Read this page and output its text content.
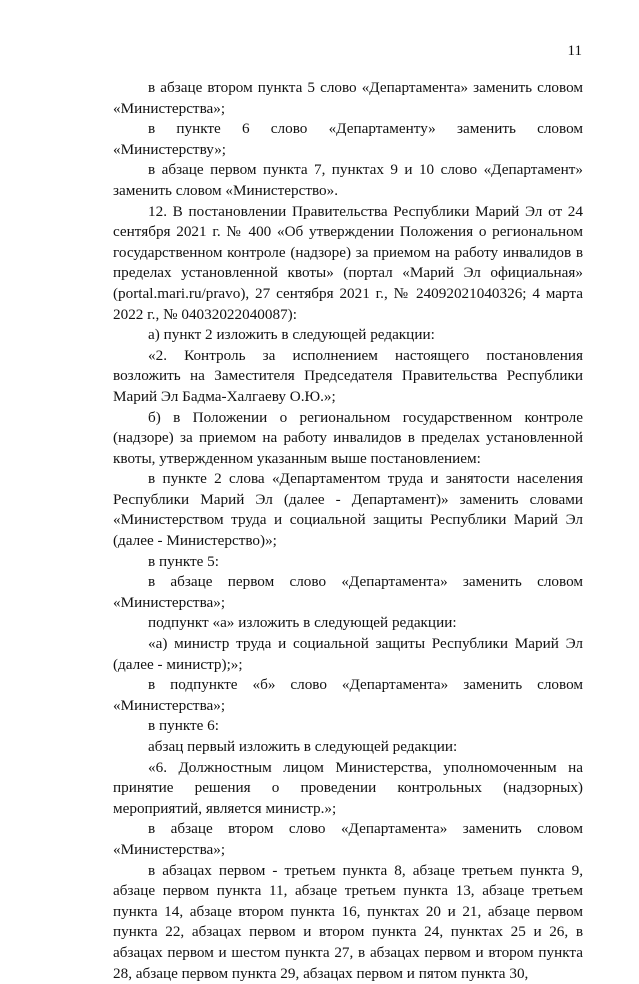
11

в абзаце втором пункта 5 слово «Департамента» заменить словом «Министерства»;

в пункте 6 слово «Департаменту» заменить словом «Министерству»;

в абзаце первом пункта 7, пунктах 9 и 10 слово «Департамент» заменить словом «Министерство».

12. В постановлении Правительства Республики Марий Эл от 24 сентября 2021 г. № 400 «Об утверждении Положения о региональном государственном контроле (надзоре) за приемом на работу инвалидов в пределах установленной квоты» (портал «Марий Эл официальная» (portal.mari.ru/pravo), 27 сентября 2021 г., № 24092021040326; 4 марта 2022 г., № 04032022040087):

а) пункт 2 изложить в следующей редакции:

«2. Контроль за исполнением настоящего постановления возложить на Заместителя Председателя Правительства Республики Марий Эл Бадма-Халгаеву О.Ю.»;

б) в Положении о региональном государственном контроле (надзоре) за приемом на работу инвалидов в пределах установленной квоты, утвержденном указанным выше постановлением:

в пункте 2 слова «Департаментом труда и занятости населения Республики Марий Эл (далее - Департамент)» заменить словами «Министерством труда и социальной защиты Республики Марий Эл (далее - Министерство)»;

в пункте 5:

в абзаце первом слово «Департамента» заменить словом «Министерства»;

подпункт «а» изложить в следующей редакции:

«а) министр труда и социальной защиты Республики Марий Эл (далее - министр);»;

в подпункте «б» слово «Департамента» заменить словом «Министерства»;

в пункте 6:

абзац первый изложить в следующей редакции:

«6. Должностным лицом Министерства, уполномоченным на принятие решения о проведении контрольных (надзорных) мероприятий, является министр.»;

в абзаце втором слово «Департамента» заменить словом «Министерства»;

в абзацах первом - третьем пункта 8, абзаце третьем пункта 9, абзаце первом пункта 11, абзаце третьем пункта 13, абзаце третьем пункта 14, абзаце втором пункта 16, пунктах 20 и 21, абзаце первом пункта 22, абзацах первом и втором пункта 24, пунктах 25 и 26, в абзацах первом и шестом пункта 27, в абзацах первом и втором пункта 28, абзаце первом пункта 29, абзацах первом и пятом пункта 30,
